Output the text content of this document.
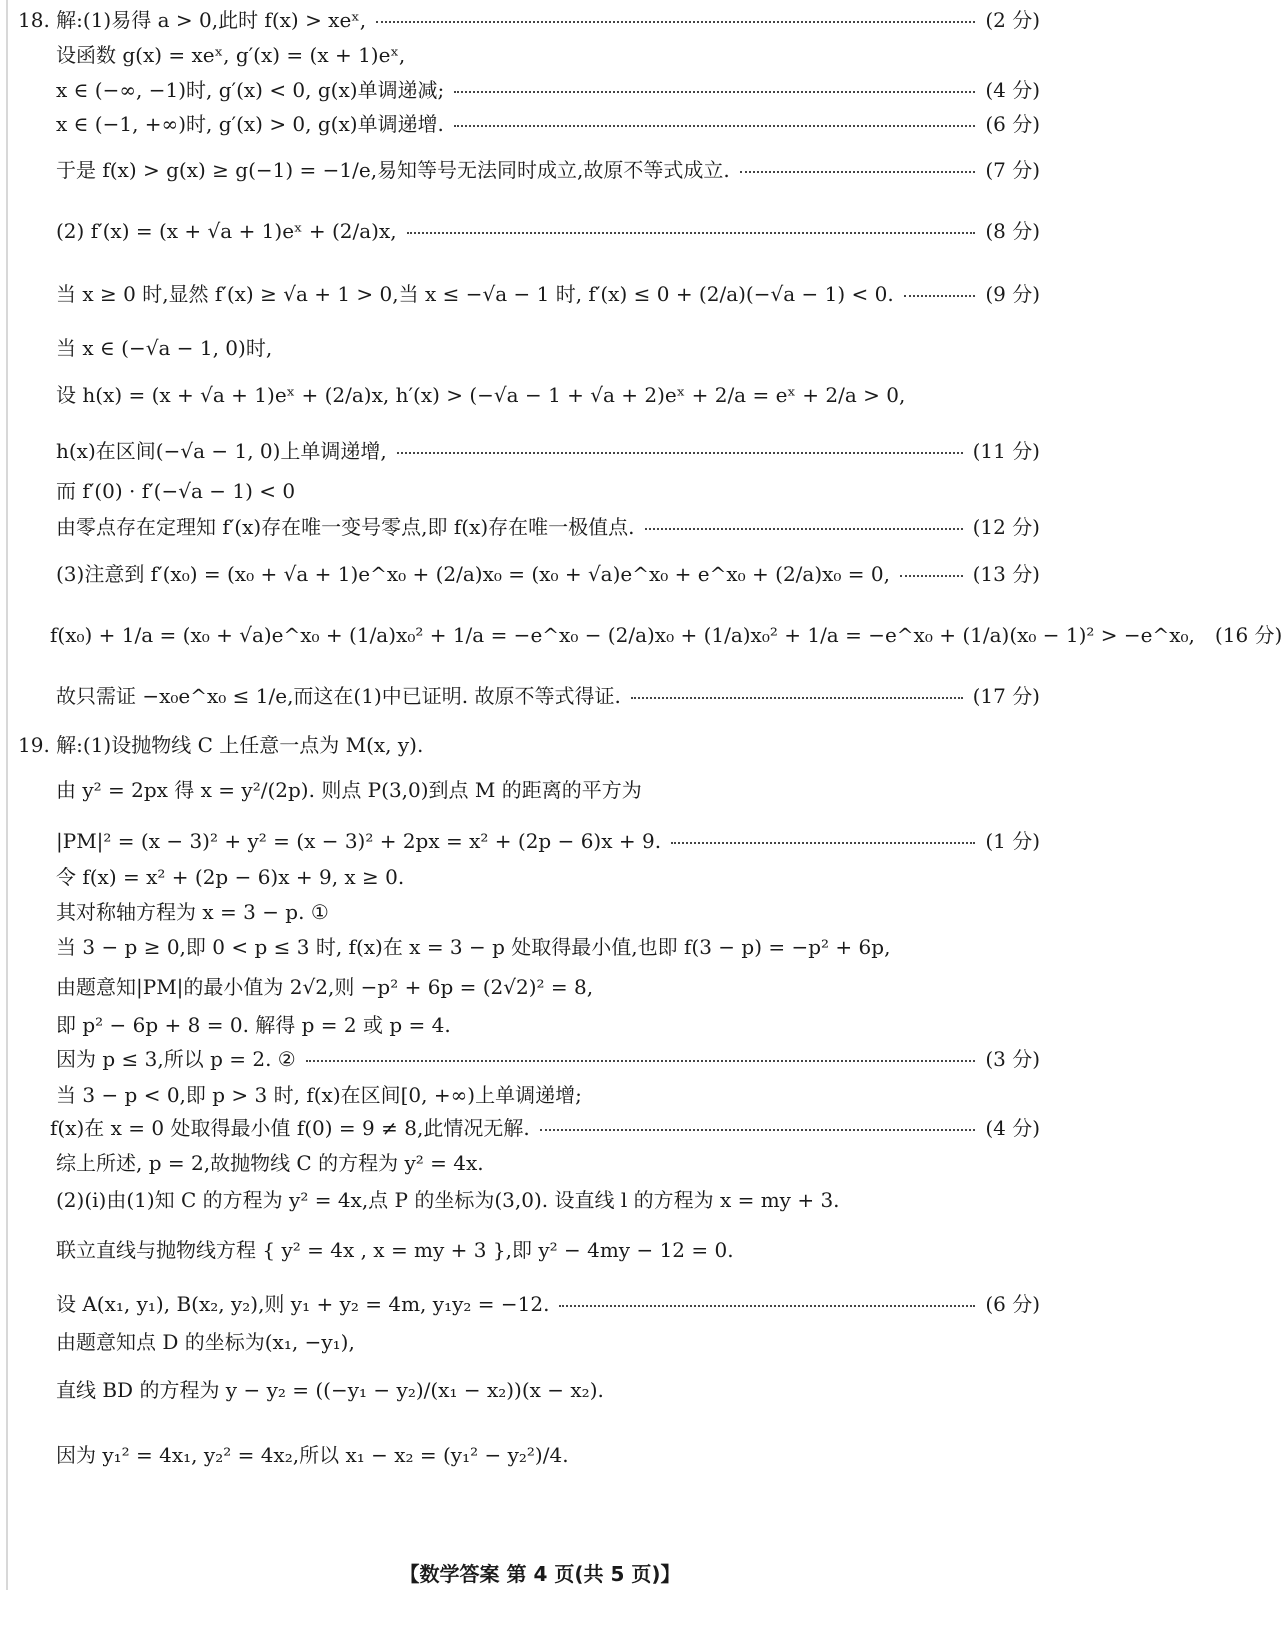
18. 解:(1)易得 a > 0,此时 f(x) > xeˣ,	(2 分)
设函数 g(x) = xeˣ, g′(x) = (x + 1)eˣ,
x ∈ (−∞, −1)时, g′(x) < 0, g(x)单调递减;	(4 分)
x ∈ (−1, +∞)时, g′(x) > 0, g(x)单调递增.	(6 分)
于是 f(x) > g(x) ≥ g(−1) = −1/e,易知等号无法同时成立,故原不等式成立.	(7 分)
(2) f′(x) = (x + √a + 1)eˣ + (2/a)x,	(8 分)
当 x ≥ 0 时,显然 f′(x) ≥ √a + 1 > 0,当 x ≤ −√a − 1 时, f′(x) ≤ 0 + (2/a)(−√a − 1) < 0.	(9 分)
当 x ∈ (−√a − 1, 0)时,
设 h(x) = (x + √a + 1)eˣ + (2/a)x, h′(x) > (−√a − 1 + √a + 2)eˣ + 2/a = eˣ + 2/a > 0,
h(x)在区间(−√a − 1, 0)上单调递增,	(11 分)
而 f′(0) · f′(−√a − 1) < 0
由零点存在定理知 f′(x)存在唯一变号零点,即 f(x)存在唯一极值点.	(12 分)
(3)注意到 f′(x₀) = (x₀ + √a + 1)e^x₀ + (2/a)x₀ = (x₀ + √a)e^x₀ + e^x₀ + (2/a)x₀ = 0,	(13 分)
f(x₀) + 1/a = (x₀ + √a)e^x₀ + (1/a)x₀² + 1/a = −e^x₀ − (2/a)x₀ + (1/a)x₀² + 1/a = −e^x₀ + (1/a)(x₀ − 1)² > −e^x₀, (16 分)
故只需证 −x₀e^x₀ ≤ 1/e,而这在(1)中已证明. 故原不等式得证.	(17 分)
19. 解:(1)设抛物线 C 上任意一点为 M(x, y).
由 y² = 2px 得 x = y²/(2p). 则点 P(3,0)到点 M 的距离的平方为
|PM|² = (x − 3)² + y² = (x − 3)² + 2px = x² + (2p − 6)x + 9.	(1 分)
令 f(x) = x² + (2p − 6)x + 9, x ≥ 0.
其对称轴方程为 x = 3 − p. ①
当 3 − p ≥ 0,即 0 < p ≤ 3 时, f(x)在 x = 3 − p 处取得最小值,也即 f(3 − p) = −p² + 6p,
由题意知|PM|的最小值为 2√2,则 −p² + 6p = (2√2)² = 8,
即 p² − 6p + 8 = 0. 解得 p = 2 或 p = 4.
因为 p ≤ 3,所以 p = 2. ②	(3 分)
当 3 − p < 0,即 p > 3 时, f(x)在区间[0, +∞)上单调递增;
f(x)在 x = 0 处取得最小值 f(0) = 9 ≠ 8,此情况无解.	(4 分)
综上所述, p = 2,故抛物线 C 的方程为 y² = 4x.
(2)(ⅰ)由(1)知 C 的方程为 y² = 4x,点 P 的坐标为(3,0). 设直线 l 的方程为 x = my + 3.
联立直线与抛物线方程 { y² = 4x , x = my + 3 },即 y² − 4my − 12 = 0.
设 A(x₁, y₁), B(x₂, y₂),则 y₁ + y₂ = 4m, y₁y₂ = −12.	(6 分)
由题意知点 D 的坐标为(x₁, −y₁),
直线 BD 的方程为 y − y₂ = ((−y₁ − y₂)/(x₁ − x₂))(x − x₂).
因为 y₁² = 4x₁, y₂² = 4x₂,所以 x₁ − x₂ = (y₁² − y₂²)/4.
【数学答案 第 4 页(共 5 页)】
